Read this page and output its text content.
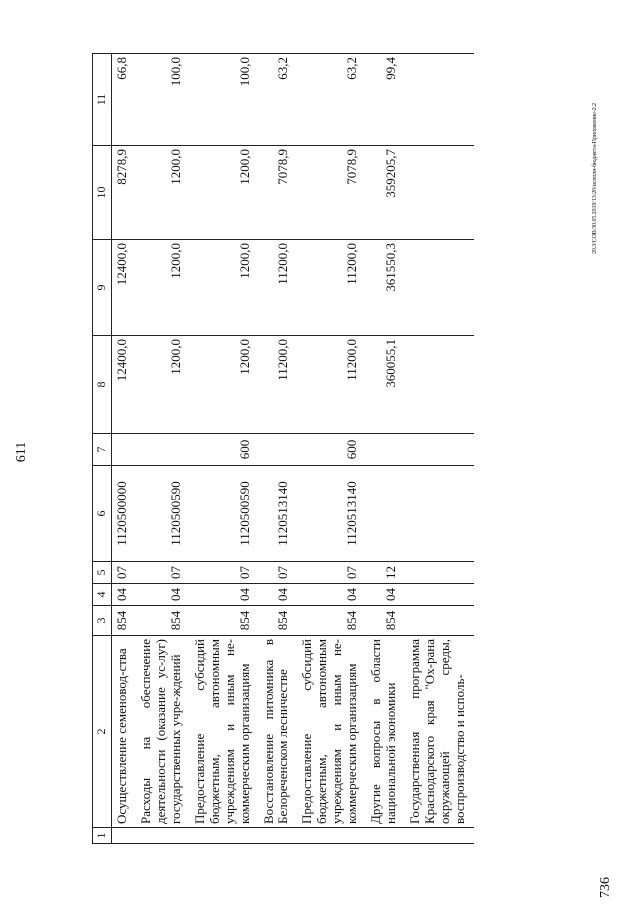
611
736
20.3/СОВ/30.05.2019/13:20/исполн-бюджета-Приложение-2.2
1	2	3	4	5	6	7	8	9	10	11
	Осуществление семеновод-ства	854	04	07	1120500000		12400,0	12400,0	8278,9	66,8
	Расходы на обеспечение деятельности (оказание ус-луг) государственных учре-ждений	854	04	07	1120500590		1200,0	1200,0	1200,0	100,0
	Предоставление субсидий бюджетным, автономным учреждениям и иным не-коммерческим организациям	854	04	07	1120500590	600	1200,0	1200,0	1200,0	100,0
	Восстановление питомника в Белореченском лесничестве	854	04	07	1120513140		11200,0	11200,0	7078,9	63,2
	Предоставление субсидий бюджетным, автономным учреждениям и иным не-коммерческим организациям	854	04	07	1120513140	600	11200,0	11200,0	7078,9	63,2
	Другие вопросы в области национальной экономики	854	04	12			360055,1	361550,3	359205,7	99,4
	Государственная программа Краснодарского края "Ох-рана окружающей среды, воспроизводство и исполь-									
